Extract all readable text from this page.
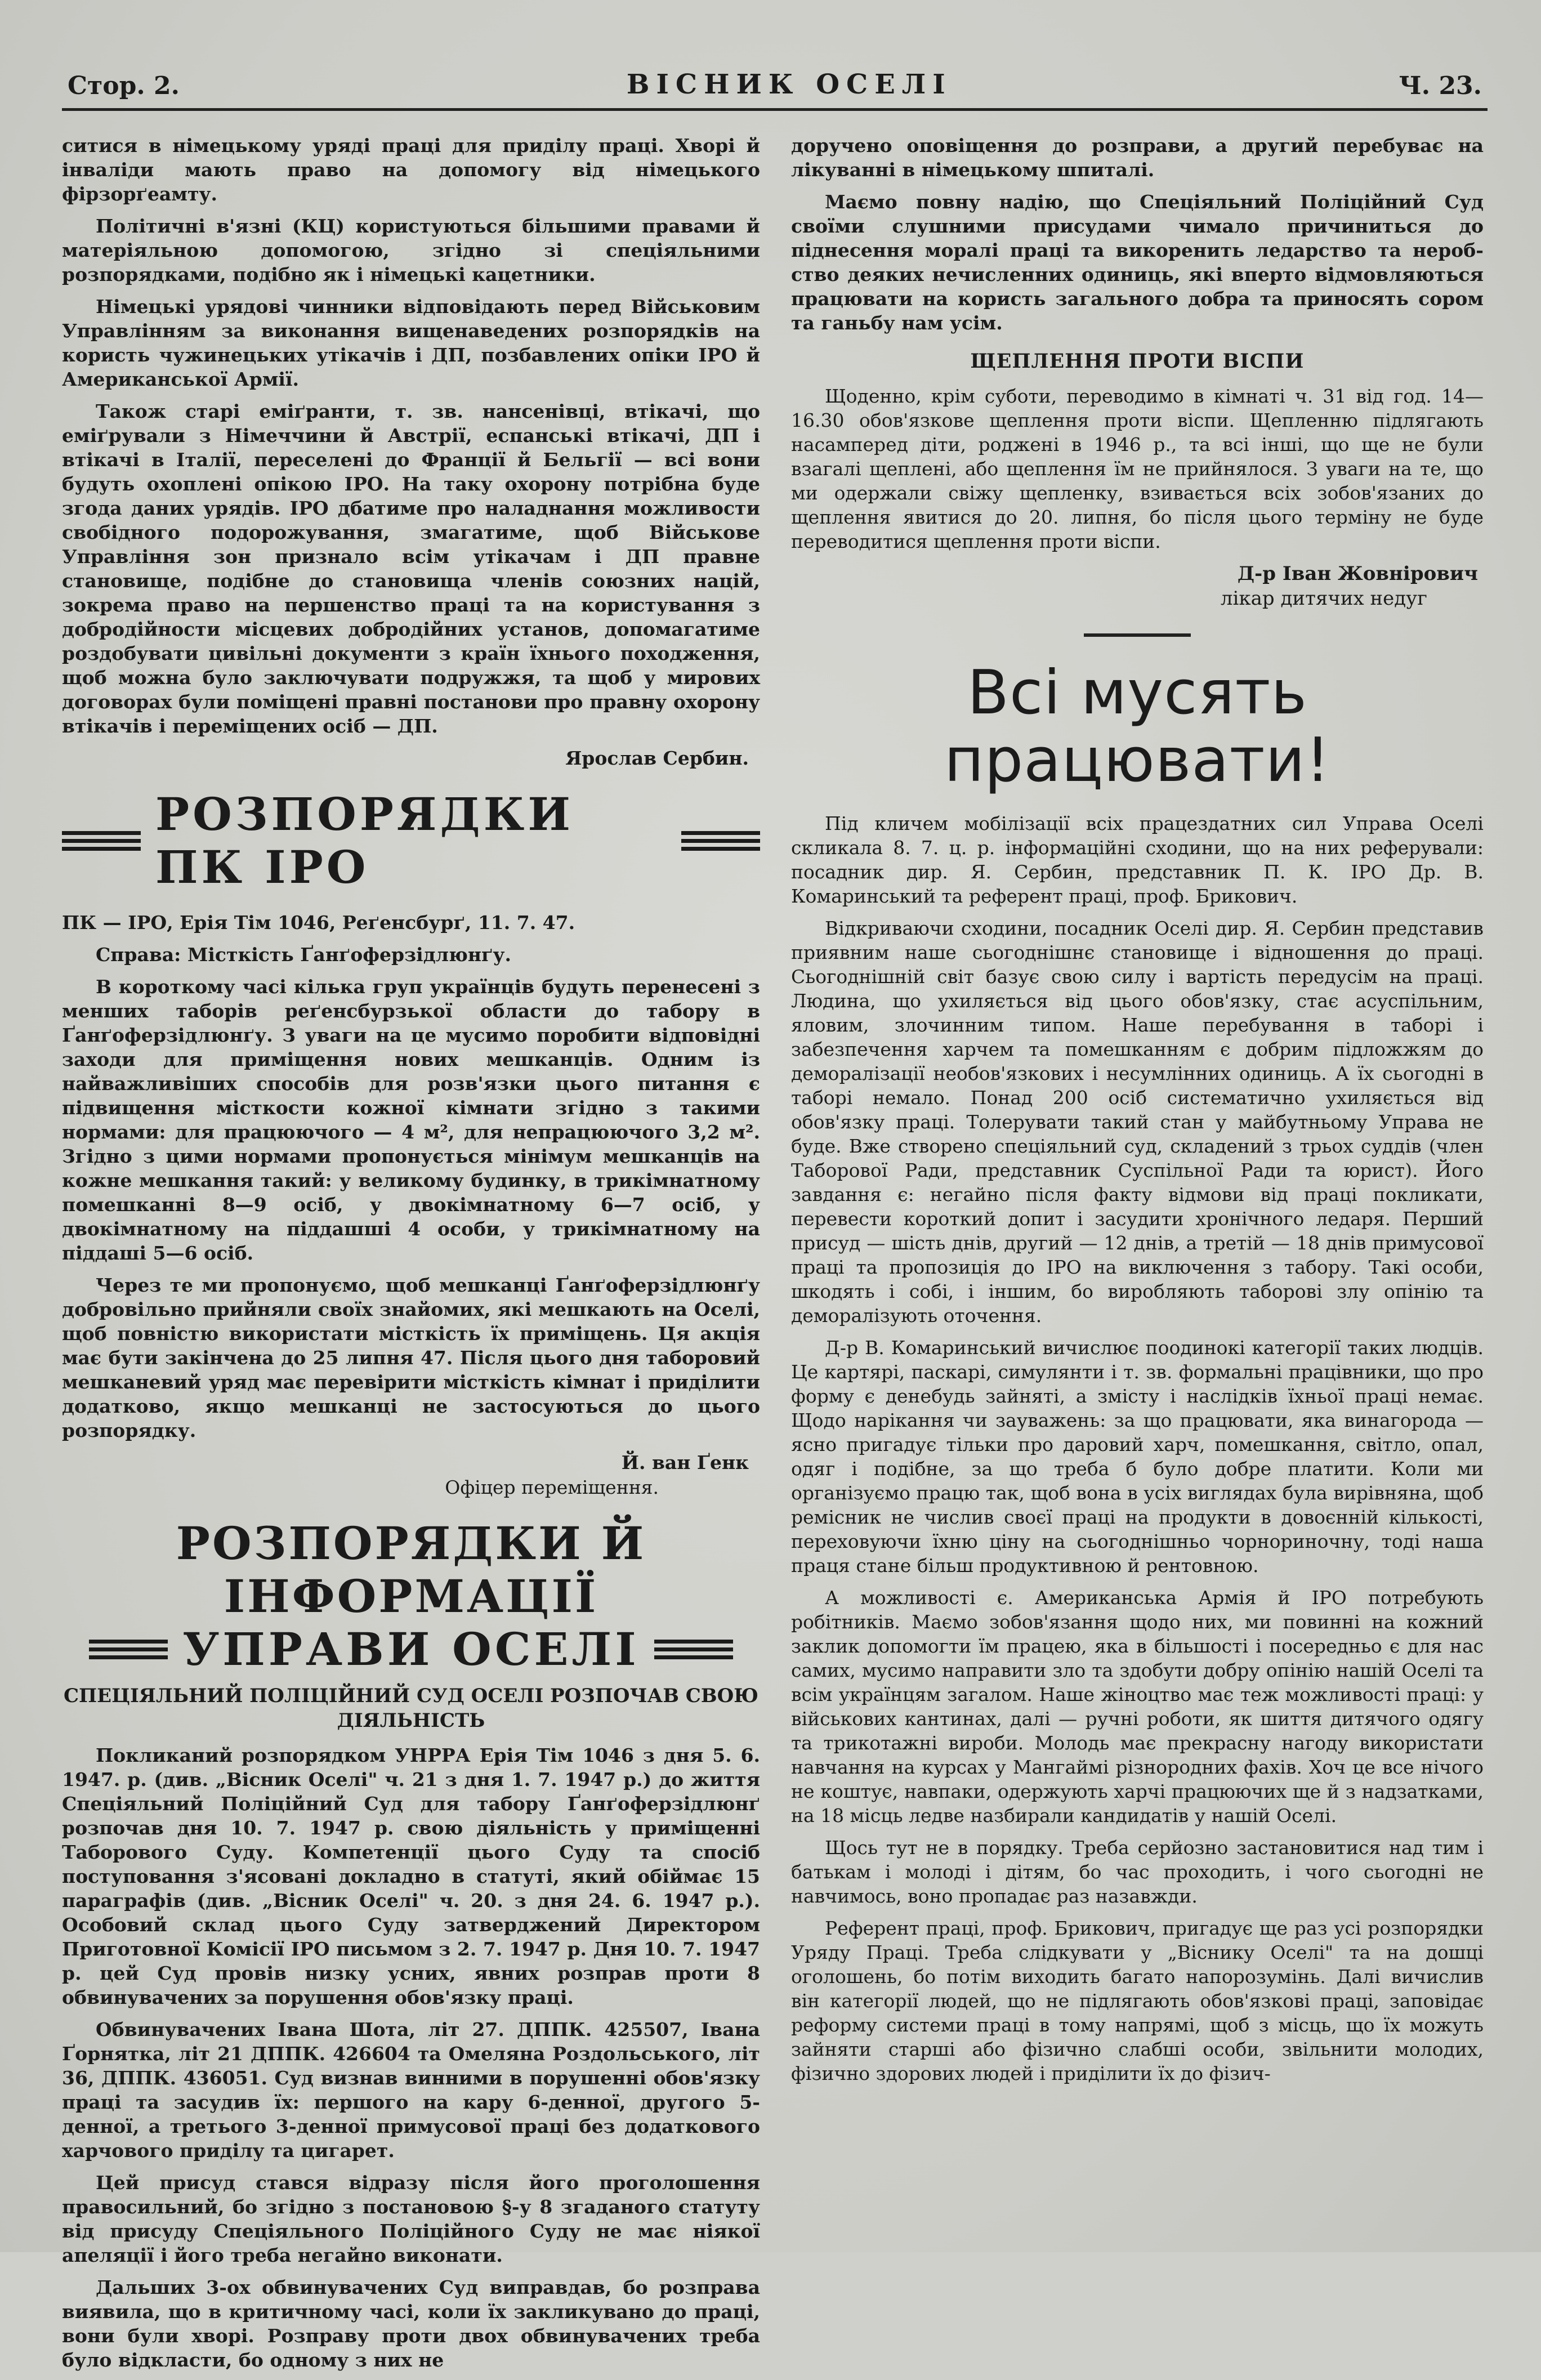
Стор. 2.	ВІСНИК ОСЕЛІ	Ч. 23.

ситися в німецькому уряді праці для приділу праці. Хворі й інваліди мають право на допомогу від німецького фірзорґеамту.

Політичні в'язні (КЦ) користуються більшими правами й матеріяльною допомогою, згідно зі спеціяльними розпорядками, подібно як і німецькі кацетники.

Німецькі урядові чинники відповідають перед Військовим Управлінням за виконання вищенаведених розпорядків на користь чужинецьких утікачів і ДП, позбавлених опіки ІРО й Американської Армії.

Також старі еміґранти, т. зв. нансенівці, втікачі, що еміґрували з Німеччини й Австрії, еспанські втікачі, ДП і втікачі в Італії, переселені до Франції й Бельгії — всі вони будуть охоплені опікою ІРО. На таку охорону потрібна буде згода даних урядів. ІРО дбатиме про наладнання можливости свобідного подорожування, змагатиме, щоб Військове Управління зон признало всім утікачам і ДП правне становище, подібне до становища членів союзних націй, зокрема право на першенство праці та на користування з добродійности місцевих добродійних установ, допомагатиме роздобувати цивільні документи з країн їхнього походження, щоб можна було заключувати подружжя, та щоб у мирових договорах були поміщені правні постанови про правну охорону втікачів і переміщених осіб — ДП.

Ярослав Сербин.
РОЗПОРЯДКИ ПК ІРО

ПК — ІРО, Ерія Тім 1046, Реґенсбурґ, 11. 7. 47.

Справа: Місткість Ґанґоферзідлюнґу.

В короткому часі кілька груп українців будуть перенесені з менших таборів реґенсбурзької области до табору в Ґанґоферзідлюнґу. З уваги на це мусимо поробити відповідні заходи для приміщення нових мешканців. Одним із найважливіших способів для розв'язки цього питання є підвищення місткости кожної кімнати згідно з такими нормами: для працюючого — 4 м², для непрацюючого 3,2 м². Згідно з цими нормами пропонується мінімум мешканців на кожне мешкання такий: у великому будинку, в трикімнатному помешканні 8—9 осіб, у двокімнатному 6—7 осіб, у двокімнатному на піддашші 4 особи, у трикімнатному на піддаші 5—6 осіб.

Через те ми пропонуємо, щоб мешканці Ґанґоферзідлюнґу добровільно прийняли своїх знайомих, які мешкають на Оселі, щоб повністю використати місткість їх приміщень. Ця акція має бути закінчена до 25 липня 47. Після цього дня таборовий мешканевий уряд має перевірити місткість кімнат і приділити додатково, якщо мешканці не застосуються до цього розпорядку.

Й. ван Ґенк
Офіцер переміщення.
РОЗПОРЯДКИ Й ІНФОРМАЦІЇ
УПРАВИ ОСЕЛІ
СПЕЦІЯЛЬНИЙ ПОЛІЦІЙНИЙ СУД ОСЕЛІ РОЗПОЧАВ СВОЮ ДІЯЛЬНІСТЬ

Покликаний розпорядком УНРРА Ерія Тім 1046 з дня 5. 6. 1947. р. (див. „Вісник Оселі" ч. 21 з дня 1. 7. 1947 р.) до життя Спеціяльний Поліційний Суд для табору Ґанґоферзідлюнґ розпочав дня 10. 7. 1947 р. свою діяльність у приміщенні Таборового Суду. Компетенції цього Суду та спосіб поступовання з'ясовані докладно в статуті, який обіймає 15 параграфів (див. „Вісник Оселі" ч. 20. з дня 24. 6. 1947 р.). Особовий склад цього Суду затверджений Директором Приготовної Комісії ІРО письмом з 2. 7. 1947 р. Дня 10. 7. 1947 р. цей Суд провів низку усних, явних розправ проти 8 обвинувачених за порушення обов'язку праці.

Обвинувачених Івана Шота, літ 27. ДППК. 425507, Івана Ґорнятка, літ 21 ДППК. 426604 та Омеляна Роздольського, літ 36, ДППК. 436051. Суд визнав винними в порушенні обов'язку праці та засудив їх: першого на кару 6-денної, другого 5-денної, а третього 3-денної примусової праці без додаткового харчового приділу та цигарет.

Цей присуд стався відразу після його проголошення правосильний, бо згідно з постановою §-у 8 згаданого статуту від присуду Спеціяльного Поліційного Суду не має ніякої апеляції і його треба негайно виконати.

Дальших 3-ох обвинувачених Суд виправдав, бо розправа виявила, що в критичному часі, коли їх закликувано до праці, вони були хворі. Розправу проти двох обвинувачених треба було відкласти, бо одному з них не

доручено оповіщення до розправи, а другий перебуває на лікуванні в німецькому шпиталі.

Маємо повну надію, що Спеціяльний Поліційний Суд своїми слушними присудами чимало причиниться до піднесення моралі праці та викоренить ледарство та неробство деяких нечисленних одиниць, які вперто відмовляються працювати на користь загального добра та приносять сором та ганьбу нам усім.

ЩЕПЛЕННЯ ПРОТИ ВІСПИ

Щоденно, крім суботи, переводимо в кімнаті ч. 31 від год. 14—16.30 обов'язкове щеплення проти віспи. Щепленню підлягають насамперед діти, роджені в 1946 р., та всі інші, що ще не були взагалі щеплені, або щеплення їм не прийнялося. З уваги на те, що ми одержали свіжу щепленку, взивається всіх зобов'язаних до щеплення явитися до 20. липня, бо після цього терміну не буде переводитися щеплення проти віспи.

Д-р Іван Жовнірович
лікар дитячих недуг
Всі мусять працювати!

Під кличем мобілізації всіх працездатних сил Управа Оселі скликала 8. 7. ц. р. інформаційні сходини, що на них реферували: посадник дир. Я. Сербин, представник П. К. ІРО Др. В. Комаринський та референт праці, проф. Брикович.

Відкриваючи сходини, посадник Оселі дир. Я. Сербин представив приявним наше сьогоднішнє становище і відношення до праці. Сьогоднішній світ базує свою силу і вартість передусім на праці. Людина, що ухиляється від цього обов'язку, стає асуспільним, яловим, злочинним типом. Наше перебування в таборі і забезпечення харчем та помешканням є добрим підложжям до деморалізації необов'язкових і несумлінних одиниць. А їх сьогодні в таборі немало. Понад 200 осіб систематично ухиляється від обов'язку праці. Толерувати такий стан у майбутньому Управа не буде. Вже створено спеціяльний суд, складений з трьох суддів (член Таборової Ради, представник Суспільної Ради та юрист). Його завдання є: негайно після факту відмови від праці покликати, перевести короткий допит і засудити хронічного ледаря. Перший присуд — шість днів, другий — 12 днів, а третій — 18 днів примусової праці та пропозиція до ІРО на виключення з табору. Такі особи, шкодять і собі, і іншим, бо виробляють таборові злу опінію та деморалізують оточення.

Д-р В. Комаринський вичислює поодинокі категорії таких людців. Це картярі, паскарі, симулянти і т. зв. формальні працівники, що про форму є денебудь зайняті, а змісту і наслідків їхньої праці немає. Щодо нарікання чи зауважень: за що працювати, яка винагорода — ясно пригадує тільки про даровий харч, помешкання, світло, опал, одяг і подібне, за що треба б було добре платити. Коли ми організуємо працю так, щоб вона в усіх виглядах була вирівняна, щоб ремісник не числив своєї праці на продукти в довоєнній кількості, переховуючи їхню ціну на сьогоднішньо чорнориночну, тоді наша праця стане більш продуктивною й рентовною.

А можливості є. Американська Армія й ІРО потребують робітників. Маємо зобов'язання щодо них, ми повинні на кожний заклик допомогти їм працею, яка в більшості і посередньо є для нас самих, мусимо направити зло та здобути добру опінію нашій Оселі та всім українцям загалом. Наше жіноцтво має теж можливості праці: у військових кантинах, далі — ручні роботи, як шиття дитячого одягу та трикотажні вироби. Молодь має прекрасну нагоду використати навчання на курсах у Мангаймі різнородних фахів. Хоч це все нічого не коштує, навпаки, одержують харчі працюючих ще й з надзатками, на 18 місць ледве назбирали кандидатів у нашій Оселі.

Щось тут не в порядку. Треба серйозно застановитися над тим і батькам і молоді і дітям, бо час проходить, і чого сьогодні не навчимось, воно пропадає раз назавжди.

Референт праці, проф. Брикович, пригадує ще раз усі розпорядки Уряду Праці. Треба слідкувати у „Віснику Оселі" та на дошці оголошень, бо потім виходить багато напорозумінь. Далі вичислив він категорії людей, що не підлягають обов'язкові праці, заповідає реформу системи праці в тому напрямі, щоб з місць, що їх можуть зайняти старші або фізично слабші особи, звільнити молодих, фізично здорових людей і приділити їх до фізич-
